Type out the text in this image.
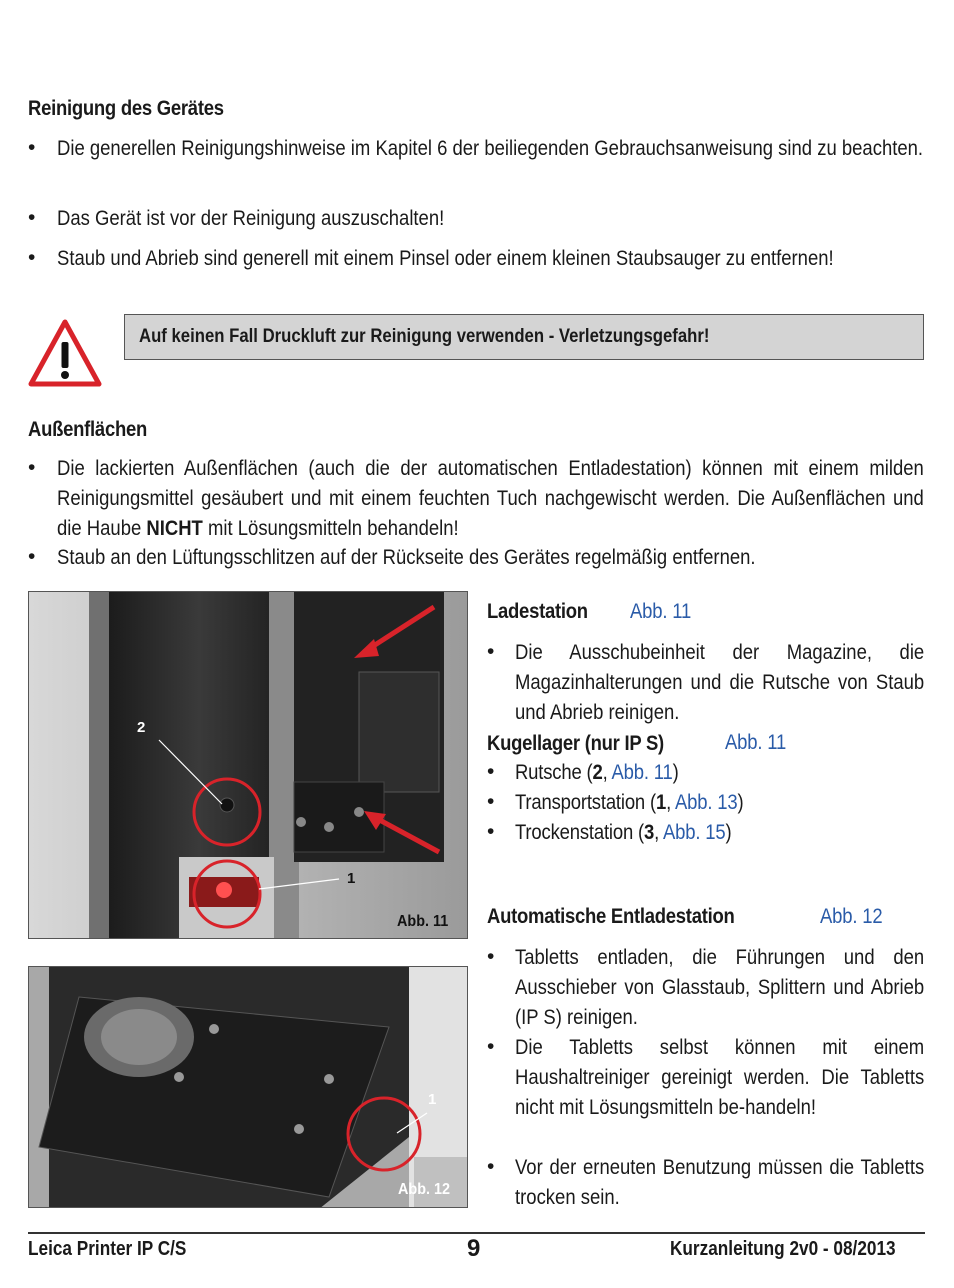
Reinigung des Gerätes
• Die generellen Reinigungshinweise im Kapitel 6 der beiliegenden Gebrauchsanweisung sind zu beachten.
• Das Gerät ist vor der Reinigung auszuschalten!
• Staub und Abrieb sind generell mit einem Pinsel oder einem kleinen Staubsauger zu entfernen!
Auf keinen Fall Druckluft zur Reinigung verwenden - Verletzungsgefahr!
Außenflächen
• Die lackierten Außenflächen (auch die der automatischen Entladestation) können mit einem milden Reinigungsmittel gesäubert und mit einem feuchten Tuch nachgewischt werden. Die Außenflächen und die Haube NICHT mit Lösungsmitteln behandeln!
• Staub an den Lüftungsschlitzen auf der Rückseite des Gerätes regelmäßig entfernen.
2
1
Abb. 11
1
Abb. 12
Ladestation Abb. 11
• Die Ausschubeinheit der Magazine, die Magazinhalterungen und die Rutsche von Staub und Abrieb reinigen.
Kugellager (nur IP S)	Abb. 11
• Rutsche (2, Abb. 11)
• Transportstation (1, Abb. 13)
• Trockenstation (3, Abb. 15)
Automatische Entladestation	Abb. 12
• Tabletts entladen, die Führungen und den Ausschieber von Glasstaub, Splittern und Abrieb (IP S) reinigen.
• Die Tabletts selbst können mit einem Haushaltreiniger gereinigt werden. Die Tabletts nicht mit Lösungsmitteln be-handeln!
• Vor der erneuten Benutzung müssen die Tabletts trocken sein.
Leica Printer IP C/S	9	Kurzanleitung 2v0 - 08/2013
